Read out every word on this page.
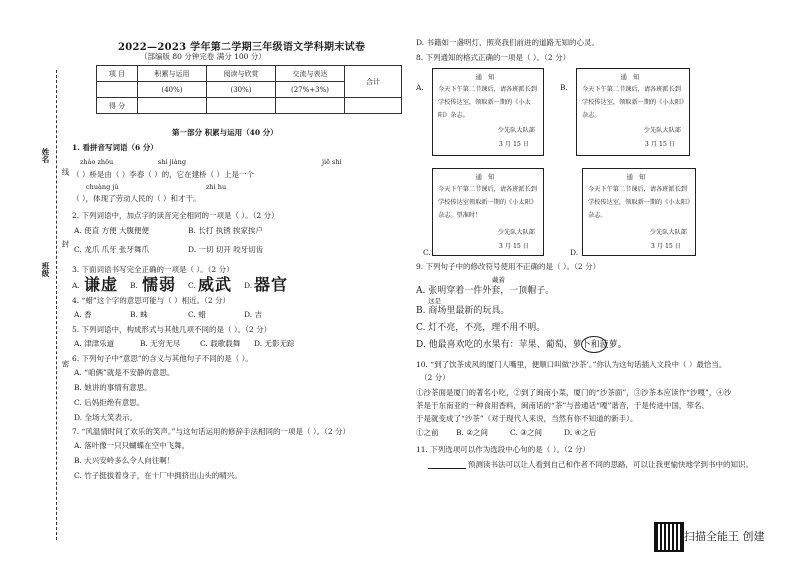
姓名
班级
线
封
密
2022—2023 学年第二学期三年级语文学科期末试卷
（部编版 80 分钟完卷 满分 100 分）
项 目	积累与运用	阅读与欣赏	交流与表达	合计
	(40%)	(30%)	(27%+3%)	
得 分				
第一部分 积累与运用（40 分）
1. 看拼音写词语（6 分）
zhào zhōu	shí jiàng	jiē shí
（ ）桥是由（ ）李春（ ）的，它在建桥（ ）上是一个
chuàng jǔ	zhì hu
（ ），体现了劳动人民的（ ）和才干。
2. 下列词语中，加点字的读音完全相同的一项是（ ）。（2 分）
A. 使直 方便 大腹便便	B. 长打 执锈 挨家挨户
C. 龙爪 爪牙 张牙舞爪	D. 一切 切开 咬牙切齿
3. 下面词语书写完全正确的一项是（ ）。（2 分）
A. 谦虚 B. 懦弱 C. 威武 D. 器官
4. “蜡”这个字的意思可能与（ ）相近。（2 分）
A. 香	B. 蛛	C. 蜡	D. 吉
5. 下列词语中，构成形式与其他几项不同的是（ ）。（2 分）
A. 津津乐道	B. 无穷无尽	C. 载歌载舞 D. 无影无踪
6. 下列句子中“意思”的含义与其他句子不同的是（ ）。
A. “咱俩”就是不安静的意思。
B. 她讲的事情有意思。
C. 后妈拒绝有意思。
D. 全场大笑表示。
7. “风温情时间了欢乐的笑声。”与这句话运用的修辞手法相同的一项是（ ）。（2 分）
A. 落叶像一只只蝴蝶在空中飞舞。
B. 大兴安岭多么令人向往啊！
C. 竹子挺拔着身子，在十厂中拥挤出山头的晴兴。
D. 书籍如一盏明灯，照亮我们前进的道路无知的心灵。
8. 下列通知的格式正确的一项是（ ）。（2 分）
A.
通知
今天下午第二节课后，请各班派长到学校传达室，领取新一期的《小太阳》杂志。
少先队大队部
3 月 15 日
B.
通知
今天下午第二节课后，请各班派长到学校传达室，领取新一期的《小太阳》杂志。
少先队大队部
3 月 15 日
C.
通知
今天下午第二节课后，请各班派长到学校传达室领取新一期的《小太阳》杂志。望准时！
少先队大队部
3 月 15 日
D.
通知
今天下午第二节课后，请各班派长到学校传达室，领取新一期的《小太阳》杂志。
少先队大队部
3 月 15 日
9. 下列句子中的修改符号使用不正确的是（ ）。（2 分）
戴着
A. 张明穿着一件外套，一顶帽子。
这是
B. 商场里最新的玩具。
C. 灯不亮，不亮，理不用不明。
D. 他最喜欢吃的水果有：苹果、葡萄、萝卜和菠萝。
10. “到了饮茶成风的厦门人嘴里，便顺口叫做‘沙茶’。”你认为这句话插入文段中（ ）最恰当。
（2 分）
①沙茶面是厦门的著名小吃，②到了闽南小菜，厦门的“沙茶面”，③沙茶本应读作“沙嘎”，④沙
茶是于东南亚的一种食用香料，闽南话的“茶”与普通话“嘎”谐音，于是传进中国，带名、
于是就变成了“沙茶”（对于现代人来说，当然有你不知道的新手）。
①之前 B. ②之间	C. ③之间	D. ④之后
11. 下列选项可以作为选段中心句的是（ ）。（2 分）
预测读书法可以让人看到自己和作者不同的思路，可以让我更愉快地学到书中的知识。
扫描全能王 创建
